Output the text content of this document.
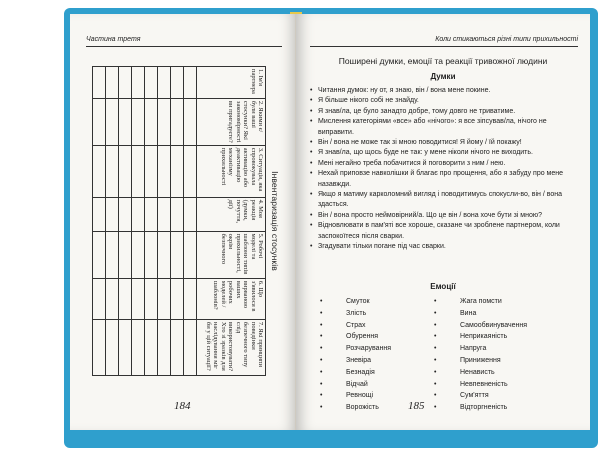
Частина третя
Інвентаризація стосунків
1. Ім'я партнера	2. Якими є/були ваші стосунки? Які закономірності ви пригадуєте?	3. Ситуація, яка спровокувала активацію або деактивацію механізму прихильності	4. Моя реакція (думки, почуття, дії)	5. Робочі моделі та шаблони типів прихильності, окрім безпечного	6. Що з'явилося в вирваною ваших робочих моделей / шаблонів?	7. Які принципи поведінки безпечного типу слід використовувати? Хто зі зразків для наслідування міг би у цій ситуації?

184
Коли стикаються різні типи прихильності
Поширені думки, емоції та реакції тривожної людини
Думки
• Читання думок: ну от, я знаю, він / вона мене покине.
• Я більше нікого собі не знайду.
• Я знав/ла, це було занадто добре, тому довго не триватиме.
• Мислення категоріями «все» або «нічого»: я все зіпсував/ла, нічого не виправити.
• Він / вона не може так зі мною поводитися! Я йому / їй покажу!
• Я знав/ла, що щось буде не так: у мене ніколи нічого не виходить.
• Мені негайно треба побачитися й поговорити з ним / нею.
• Нехай приповзе навколішки й благає про прощення, або я забуду про мене назавжди.
• Якщо я матиму карколомний вигляд і поводитимусь спокусли-во, він / вона здасться.
• Він / вона просто неймовірний/а. Що це він / вона хоче бути зі мною?
• Відновлювати в пам'яті все хороше, сказане чи зроблене партнером, коли заспокоїтеся після сварки.
• Згадувати тільки погане під час сварки.
Емоції
• Смуток
• Злість
• Страх
• Обурення
• Розчарування
• Зневіра
• Безнадія
• Відчай
• Ревнощі
• Ворожість
• Жага помсти
• Вина
• Самообвинувачення
• Неприкаяність
• Напруга
• Приниження
• Ненависть
• Невпевненість
• Сум'яття
• Відторгненість
185
